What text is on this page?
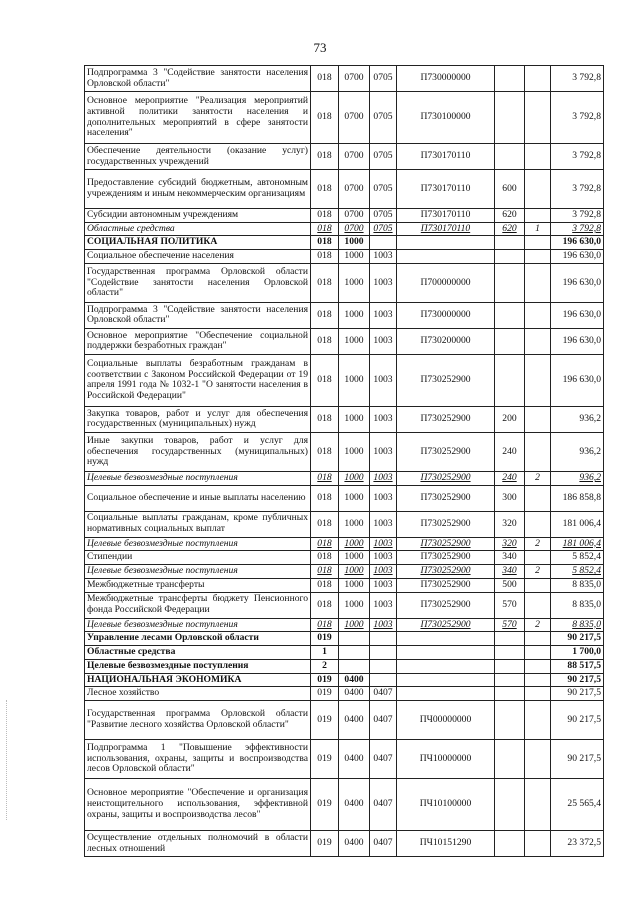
73
Подпрограмма 3 "Содействие занятости населения Орловской области"	018	0700	0705	П730000000			3 792,8
Основное мероприятие "Реализация мероприятий активной политики занятости населения и дополнительных мероприятий в сфере занятости населения"	018	0700	0705	П730100000			3 792,8
Обеспечение деятельности (оказание услуг) государственных учреждений	018	0700	0705	П730170110			3 792,8
Предоставление субсидий бюджетным, автономным учреждениям и иным некоммерческим организациям	018	0700	0705	П730170110	600		3 792,8
Субсидии автономным учреждениям	018	0700	0705	П730170110	620		3 792,8
Областные средства	018	0700	0705	П730170110	620	1	3 792,8
СОЦИАЛЬНАЯ ПОЛИТИКА	018	1000					196 630,0
Социальное обеспечение населения	018	1000	1003				196 630,0
Государственная программа Орловской области "Содействие занятости населения Орловской области"	018	1000	1003	П700000000			196 630,0
Подпрограмма 3 "Содействие занятости населения Орловской области"	018	1000	1003	П730000000			196 630,0
Основное мероприятие "Обеспечение социальной поддержки безработных граждан"	018	1000	1003	П730200000			196 630,0
Социальные выплаты безработным гражданам в соответствии с Законом Российской Федерации от 19 апреля 1991 года № 1032-1 "О занятости населения в Российской Федерации"	018	1000	1003	П730252900			196 630,0
Закупка товаров, работ и услуг для обеспечения государственных (муниципальных) нужд	018	1000	1003	П730252900	200		936,2
Иные закупки товаров, работ и услуг для обеспечения государственных (муниципальных) нужд	018	1000	1003	П730252900	240		936,2
Целевые безвозмездные поступления	018	1000	1003	П730252900	240	2	936,2
Социальное обеспечение и иные выплаты населению	018	1000	1003	П730252900	300		186 858,8
Социальные выплаты гражданам, кроме публичных нормативных социальных выплат	018	1000	1003	П730252900	320		181 006,4
Целевые безвозмездные поступления	018	1000	1003	П730252900	320	2	181 006,4
Стипендии	018	1000	1003	П730252900	340		5 852,4
Целевые безвозмездные поступления	018	1000	1003	П730252900	340	2	5 852,4
Межбюджетные трансферты	018	1000	1003	П730252900	500		8 835,0
Межбюджетные трансферты бюджету Пенсионного фонда Российской Федерации	018	1000	1003	П730252900	570		8 835,0
Целевые безвозмездные поступления	018	1000	1003	П730252900	570	2	8 835,0
Управление лесами Орловской области	019						90 217,5
Областные средства	1						1 700,0
Целевые безвозмездные поступления	2						88 517,5
НАЦИОНАЛЬНАЯ ЭКОНОМИКА	019	0400					90 217,5
Лесное хозяйство	019	0400	0407				90 217,5
Государственная программа Орловской области "Развитие лесного хозяйства Орловской области"	019	0400	0407	ПЧ00000000			90 217,5
Подпрограмма 1 "Повышение эффективности использования, охраны, защиты и воспроизводства лесов Орловской области"	019	0400	0407	ПЧ10000000			90 217,5
Основное мероприятие "Обеспечение и организация неистощительного использования, эффективной охраны, защиты и воспроизводства лесов"	019	0400	0407	ПЧ10100000			25 565,4
Осуществление отдельных полномочий в области лесных отношений	019	0400	0407	ПЧ10151290			23 372,5
